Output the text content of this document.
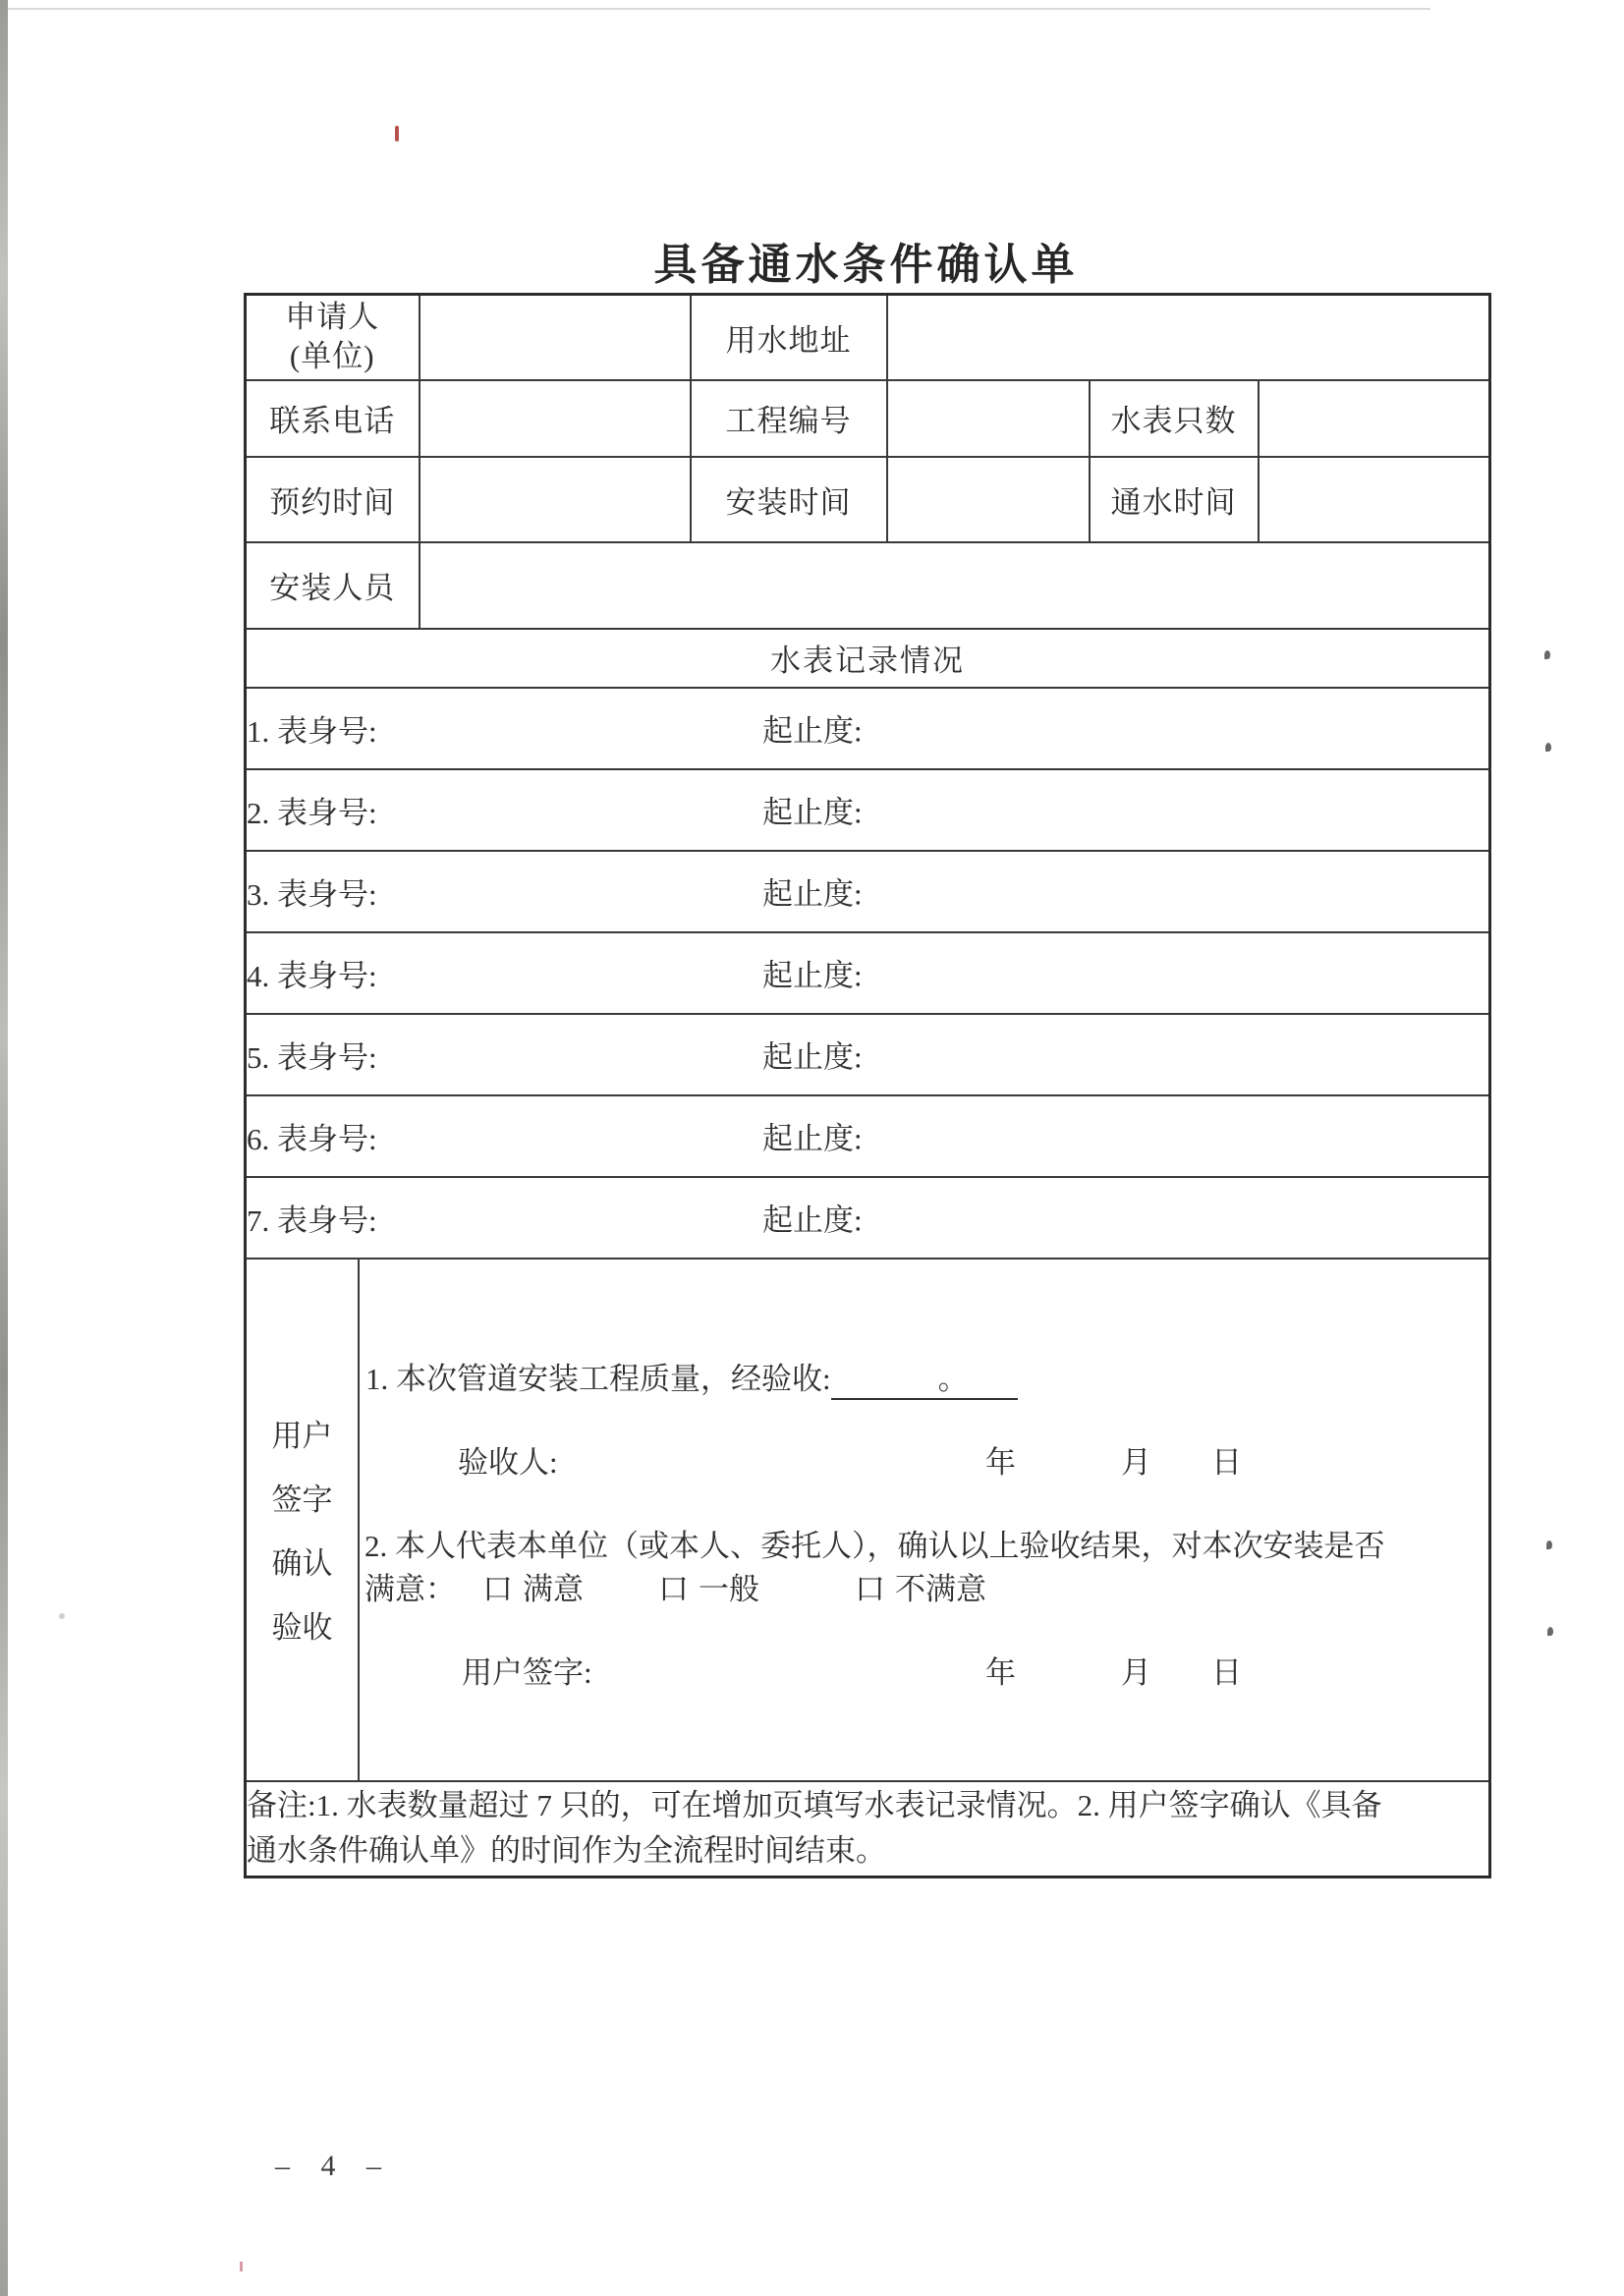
具备通水条件确认单
申请人
(单位)		用水地址			
联系电话		工程编号		水表只数	
预约时间		安装时间		通水时间	
安装人员					
水表记录情况					
1. 表身号: 起止度:					

2. 表身号: 起止度:					

3. 表身号: 起止度:					

4. 表身号: 起止度:					

5. 表身号: 起止度:					

6. 表身号: 起止度:					

7. 表身号: 起止度:					

用户
签字
确认
验收
1. 本次管道安装工程质量，经验收:	。
验收人:	年	月 日
2. 本人代表本单位（或本人、委托人），确认以上验收结果，对本次安装是否
满意： 口 满意 口 一般	口 不满意
用户签字:	年	月 日

备注:1. 水表数量超过 7 只的，可在增加页填写水表记录情况。2. 用户签字确认《具备
通水条件确认单》的时间作为全流程时间结束。					
– 4 –
